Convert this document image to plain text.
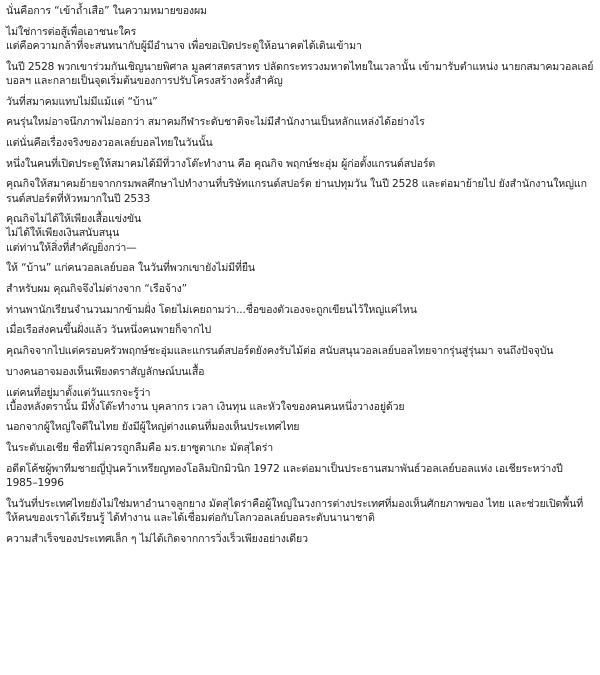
นั่นคือการ “เข้าถ้ำเสือ” ในความหมายของผม

ไม่ใช่การต่อสู้เพื่อเอาชนะใคร
แต่คือความกล้าที่จะสนทนากับผู้มีอำนาจ เพื่อขอเปิดประตูให้อนาคตได้เดินเข้ามา

ในปี 2528 พวกเขาร่วมกันเชิญนายพิศาล มูลศาสตรสาทร ปลัดกระทรวงมหาดไทยในเวลานั้น เข้ามารับตำแหน่ง นายกสมาคมวอลเลย์บอลฯ และกลายเป็นจุดเริ่มต้นของการปรับโครงสร้างครั้งสำคัญ

วันที่สมาคมแทบไม่มีแม้แต่ “บ้าน”

คนรุ่นใหม่อาจนึกภาพไม่ออกว่า สมาคมกีฬาระดับชาติจะไม่มีสำนักงานเป็นหลักแหล่งได้อย่างไร

แต่นั่นคือเรื่องจริงของวอลเลย์บอลไทยในวันนั้น

หนึ่งในคนที่เปิดประตูให้สมาคมได้มีที่วางโต๊ะทำงาน คือ คุณกิจ พฤกษ์ชะอุ่ม ผู้ก่อตั้งแกรนด์สปอร์ต

คุณกิจให้สมาคมย้ายจากกรมพลศึกษาไปทำงานที่บริษัทแกรนด์สปอร์ต ย่านปทุมวัน ในปี 2528 และต่อมาย้ายไป ยังสำนักงานใหญ่แกรนด์สปอร์ตที่หัวหมากในปี 2533

คุณกิจไม่ได้ให้เพียงเสื้อแข่งขัน
ไม่ได้ให้เพียงเงินสนับสนุน
แต่ท่านให้สิ่งที่สำคัญยิ่งกว่า—

ให้ “บ้าน” แก่คนวอลเลย์บอล ในวันที่พวกเขายังไม่มีที่ยืน

สำหรับผม คุณกิจจึงไม่ต่างจาก “เรือจ้าง”

ท่านพานักเรียนจำนวนมากข้ามฝั่ง โดยไม่เคยถามว่า...ชื่อของตัวเองจะถูกเขียนไว้ใหญ่แค่ไหน

เมื่อเรือส่งคนขึ้นฝั่งแล้ว วันหนึ่งคนพายก็จากไป

คุณกิจจากไปแต่ครอบครัวพฤกษ์ชะอุ่มและแกรนด์สปอร์ตยังคงรับไม้ต่อ สนับสนุนวอลเลย์บอลไทยจากรุ่นสู่รุ่นมา จนถึงปัจจุบัน

บางคนอาจมองเห็นเพียงตราสัญลักษณ์บนเสื้อ

แต่คนที่อยู่มาตั้งแต่วันแรกจะรู้ว่า
เบื้องหลังตรานั้น มีทั้งโต๊ะทำงาน บุคลากร เวลา เงินทุน และหัวใจของคนคนหนึ่งวางอยู่ด้วย

นอกจากผู้ใหญ่ใจดีในไทย ยังมีผู้ใหญ่ต่างแดนที่มองเห็นประเทศไทย

ในระดับเอเชีย ชื่อที่ไม่ควรถูกลืมคือ มร.ยาซูตาเกะ มัตสุไดร่า

อดีตโค้ชผู้พาทีมชายญี่ปุ่นคว้าเหรียญทองโอลิมปิกมิวนิก 1972 และต่อมาเป็นประธานสมาพันธ์วอลเลย์บอลแห่ง เอเชียระหว่างปี 1985–1996

ในวันที่ประเทศไทยยังไม่ใช่มหาอำนาจลูกยาง มัตสุไดร่าคือผู้ใหญ่ในวงการต่างประเทศที่มองเห็นศักยภาพของ ไทย และช่วยเปิดพื้นที่ให้คนของเราได้เรียนรู้ ได้ทำงาน และได้เชื่อมต่อกับโลกวอลเลย์บอลระดับนานาชาติ

ความสำเร็จของประเทศเล็ก ๆ ไม่ได้เกิดจากการวิ่งเร็วเพียงอย่างเดียว
